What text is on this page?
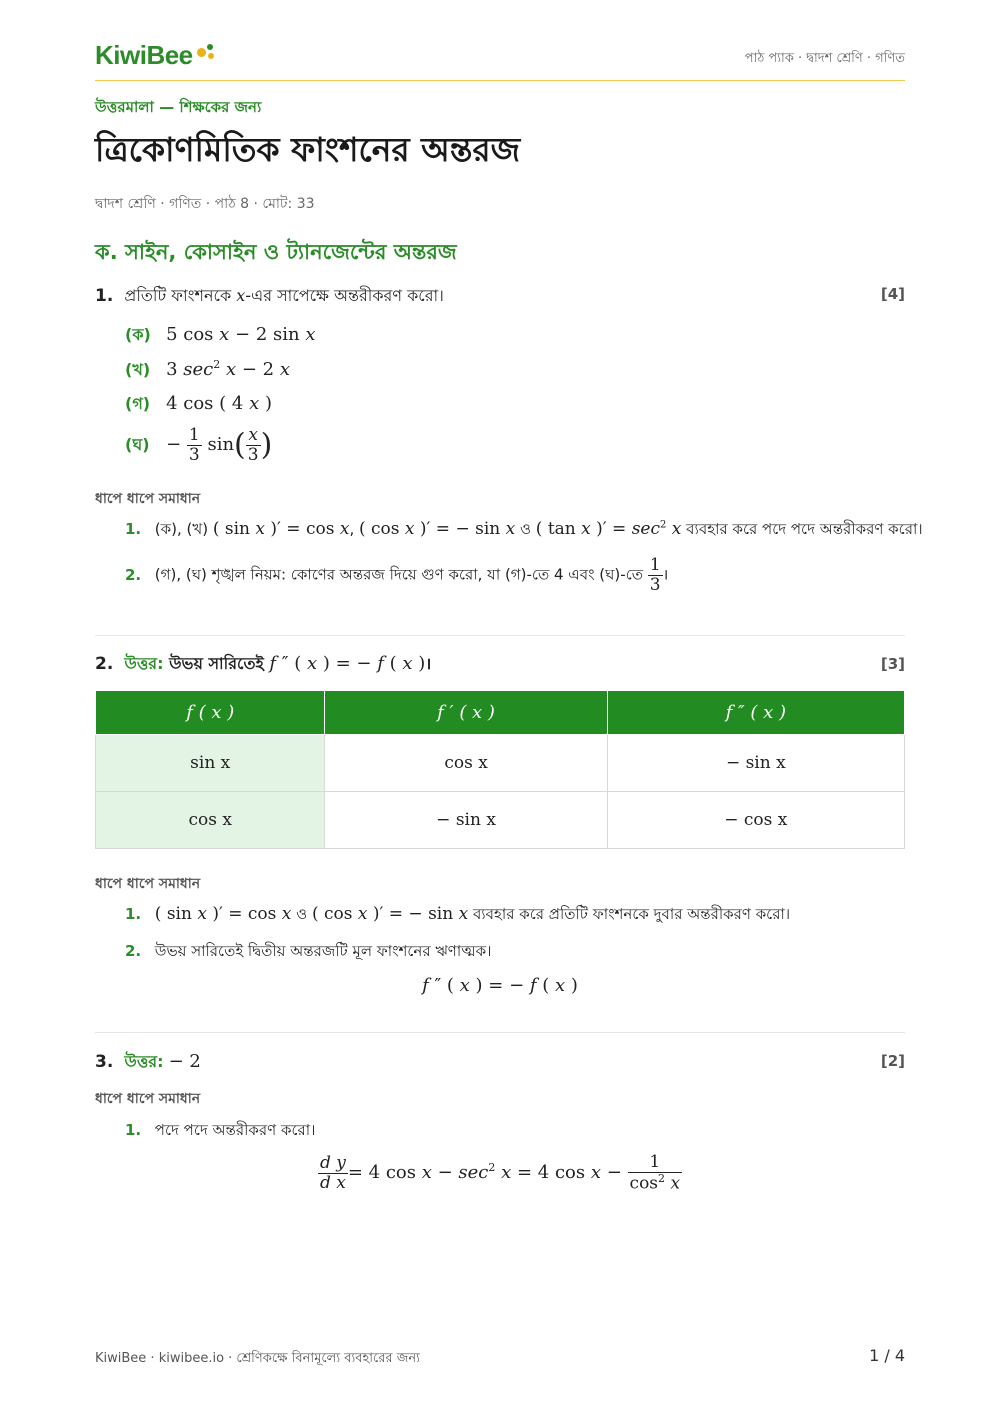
KiwiBee	পাঠ প্যাক · দ্বাদশ শ্রেণি · গণিত
উত্তরমালা — শিক্ষকের জন্য
ত্রিকোণমিতিক ফাংশনের অন্তরজ
দ্বাদশ শ্রেণি · গণিত · পাঠ 8 · মোট: 33
ক. সাইন, কোসাইন ও ট্যানজেন্টের অন্তরজ
1. প্রতিটি ফাংশনকে x-এর সাপেক্ষে অন্তরীকরণ করো।	[4]
(ক) 5 cos x − 2 sin x
(খ) 3 $\sec^2 x - 2$ x
(গ) 4 cos ( 4 x )
(ঘ) − $\frac{1}{3} \sin( \frac{x}{3}$ )
ধাপে ধাপে সমাধান
1. (ক), (খ) ( sin x )′ = cos x, ( cos x )′ = − sin x ও ( tan x )′ = $\sec^2 x$ ব্যবহার করে পদে পদে অন্তরীকরণ করো।
2. (গ), (ঘ) শৃঙ্খল নিয়ম: কোণের অন্তরজ দিয়ে গুণ করো, যা (গ)-তে 4 এবং (ঘ)-তে $\frac{1}{3}$ ।
2. উত্তর: উভয় সারিতেই f ″ ( x ) = − f ( x )।	[3]
f ( x )	f ′ ( x )	f ″ ( x )
sin x	cos x	− sin x
cos x	− sin x	− cos x
ধাপে ধাপে সমাধান
1. ( sin x )′ = cos x ও ( cos x )′ = − sin x ব্যবহার করে প্রতিটি ফাংশনকে দুবার অন্তরীকরণ করো।
2. উভয় সারিতেই দ্বিতীয় অন্তরজটি মূল ফাংশনের ঋণাত্মক।
f ″ ( x ) = − f ( x )
3. উত্তর: − 2	[2]
ধাপে ধাপে সমাধান
1. পদে পদে অন্তরীকরণ করো।
$\frac{\text{d y}}{\text{d x}} = 4$ $\cos x - \sec^2 x = 4$ $\cos x - \frac{1}{\cos^2 x}$
KiwiBee · kiwibee.io · শ্রেণিকক্ষে বিনামূল্যে ব্যবহারের জন্য	1 / 4
